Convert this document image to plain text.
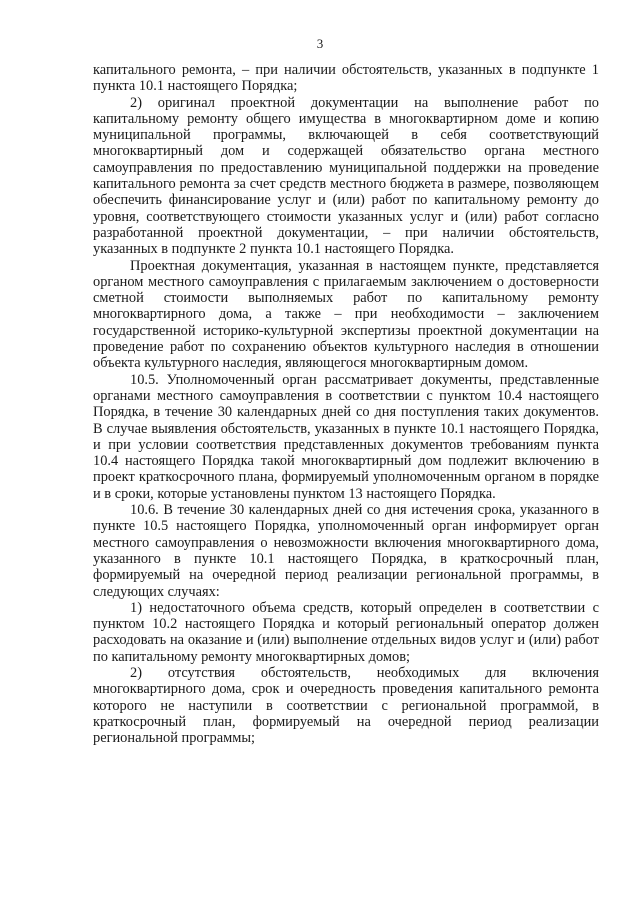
3

капитального ремонта, – при наличии обстоятельств, указанных в подпункте 1 пункта 10.1 настоящего Порядка;

2) оригинал проектной документации на выполнение работ по капитальному ремонту общего имущества в многоквартирном доме и копию муниципальной программы, включающей в себя соответствующий многоквартирный дом и содержащей обязательство органа местного самоуправления по предоставлению муниципальной поддержки на проведение капитального ремонта за счет средств местного бюджета в размере, позволяющем обеспечить финансирование услуг и (или) работ по капитальному ремонту до уровня, соответствующего стоимости указанных услуг и (или) работ согласно разработанной проектной документации, – при наличии обстоятельств, указанных в подпункте 2 пункта 10.1 настоящего Порядка.

Проектная документация, указанная в настоящем пункте, представляется органом местного самоуправления с прилагаемым заключением о достоверности сметной стоимости выполняемых работ по капитальному ремонту многоквартирного дома, а также – при необходимости – заключением государственной историко-культурной экспертизы проектной документации на проведение работ по сохранению объектов культурного наследия в отношении объекта культурного наследия, являющегося многоквартирным домом.

10.5. Уполномоченный орган рассматривает документы, представленные органами местного самоуправления в соответствии с пунктом 10.4 настоящего Порядка, в течение 30 календарных дней со дня поступления таких документов. В случае выявления обстоятельств, указанных в пункте 10.1 настоящего Порядка, и при условии соответствия представленных документов требованиям пункта 10.4 настоящего Порядка такой многоквартирный дом подлежит включению в проект краткосрочного плана, формируемый уполномоченным органом в порядке и в сроки, которые установлены пунктом 13 настоящего Порядка.

10.6. В течение 30 календарных дней со дня истечения срока, указанного в пункте 10.5 настоящего Порядка, уполномоченный орган информирует орган местного самоуправления о невозможности включения многоквартирного дома, указанного в пункте 10.1 настоящего Порядка, в краткосрочный план, формируемый на очередной период реализации региональной программы, в следующих случаях:

1) недостаточного объема средств, который определен в соответствии с пунктом 10.2 настоящего Порядка и который региональный оператор должен расходовать на оказание и (или) выполнение отдельных видов услуг и (или) работ по капитальному ремонту многоквартирных домов;

2) отсутствия обстоятельств, необходимых для включения многоквартирного дома, срок и очередность проведения капитального ремонта которого не наступили в соответствии с региональной программой, в краткосрочный план, формируемый на очередной период реализации региональной программы;
